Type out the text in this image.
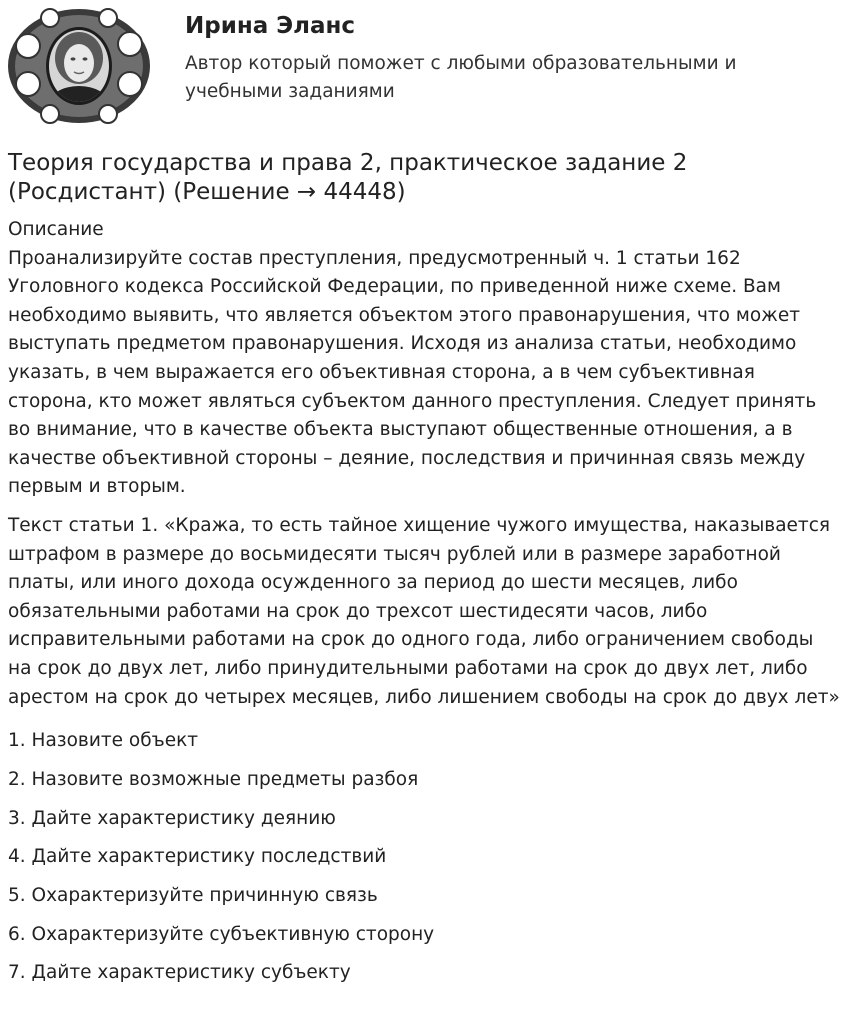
Ирина Эланс
Автор который поможет с любыми образовательными и учебными заданиями
Теория государства и права 2, практическое задание 2 (Росдистант) (Решение → 44448)

Описание

Проанализируйте состав преступления, предусмотренный ч. 1 статьи 162 Уголовного кодекса Российской Федерации, по приведенной ниже схеме. Вам необходимо выявить, что является объектом этого правонарушения, что может выступать предметом правонарушения. Исходя из анализа статьи, необходимо указать, в чем выражается его объективная сторона, а в чем субъективная сторона, кто может являться субъектом данного преступления. Следует принять во внимание, что в качестве объекта выступают общественные отношения, а в качестве объективной стороны – деяние, последствия и причинная связь между первым и вторым.

Текст статьи 1. «Кража, то есть тайное хищение чужого имущества, наказывается штрафом в размере до восьмидесяти тысяч рублей или в размере заработной платы, или иного дохода осужденного за период до шести месяцев, либо обязательными работами на срок до трехсот шестидесяти часов, либо исправительными работами на срок до одного года, либо ограничением свободы на срок до двух лет, либо принудительными работами на срок до двух лет, либо арестом на срок до четырех месяцев, либо лишением свободы на срок до двух лет»

1. Назовите объект
2. Назовите возможные предметы разбоя
3. Дайте характеристику деянию
4. Дайте характеристику последствий
5. Охарактеризуйте причинную связь
6. Охарактеризуйте субъективную сторону
7. Дайте характеристику субъекту
